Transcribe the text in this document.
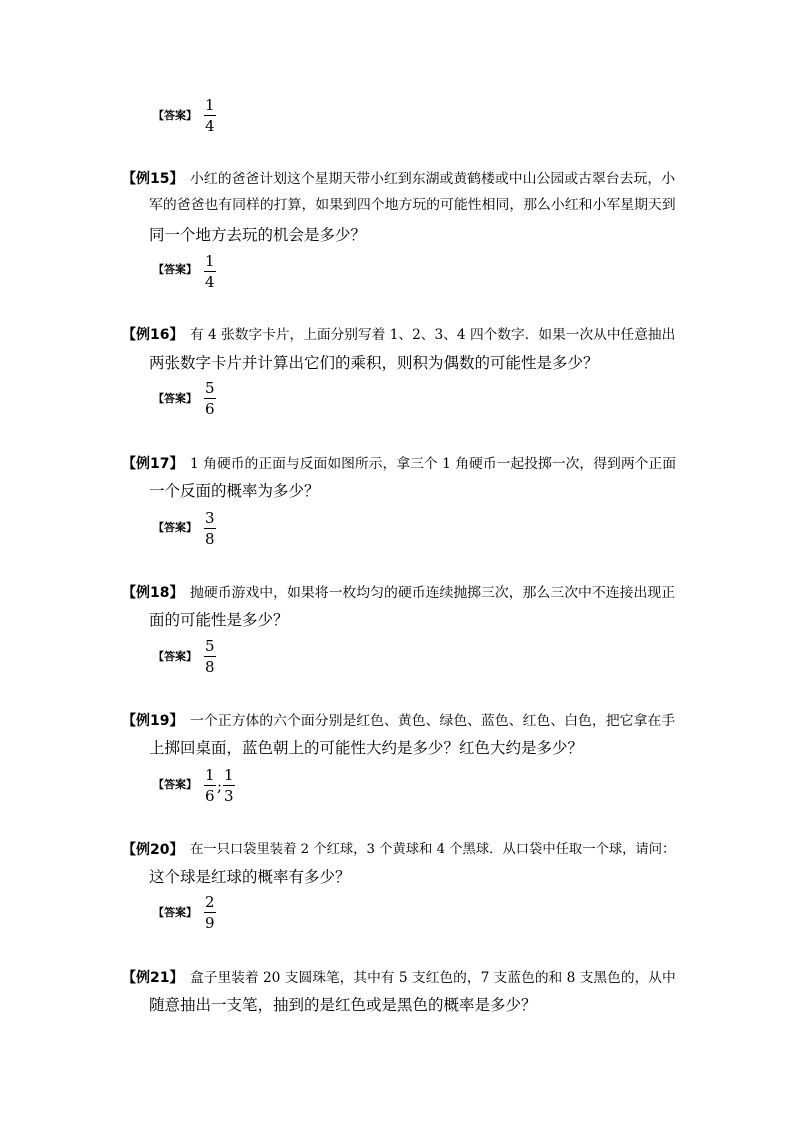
【答案】
1
4
【例15】 小红的爸爸计划这个星期天带小红到东湖或黄鹤楼或中山公园或古翠台去玩，小
军的爸爸也有同样的打算，如果到四个地方玩的可能性相同，那么小红和小军星期天到
同一个地方去玩的机会是多少？
【答案】 1
4
【例16】 有 4 张数字卡片，上面分别写着 1、2、3、4 四个数字．如果一次从中任意抽出
两张数字卡片并计算出它们的乘积，则积为偶数的可能性是多少？
【答案】
5
6
【例17】 1 角硬币的正面与反面如图所示，拿三个 1 角硬币一起投掷一次，得到两个正面
一个反面的概率为多少？
【答案】
3
8
【例18】 抛硬币游戏中，如果将一枚均匀的硬币连续抛掷三次，那么三次中不连接出现正
面的可能性是多少？
【答案】
5
8
【例19】 一个正方体的六个面分别是红色、黄色、绿色、蓝色、红色、白色，把它拿在手
上掷回桌面，蓝色朝上的可能性大约是多少？红色大约是多少？
【答案】
1
6
;
1
3
【例20】 在一只口袋里装着 2 个红球，3 个黄球和 4 个黑球．从口袋中任取一个球，请问：
这个球是红球的概率有多少？
【答案】
2
9
【例21】 盒子里装着 20 支圆珠笔，其中有 5 支红色的，7 支蓝色的和 8 支黑色的，从中
随意抽出一支笔，抽到的是红色或是黑色的概率是多少？
